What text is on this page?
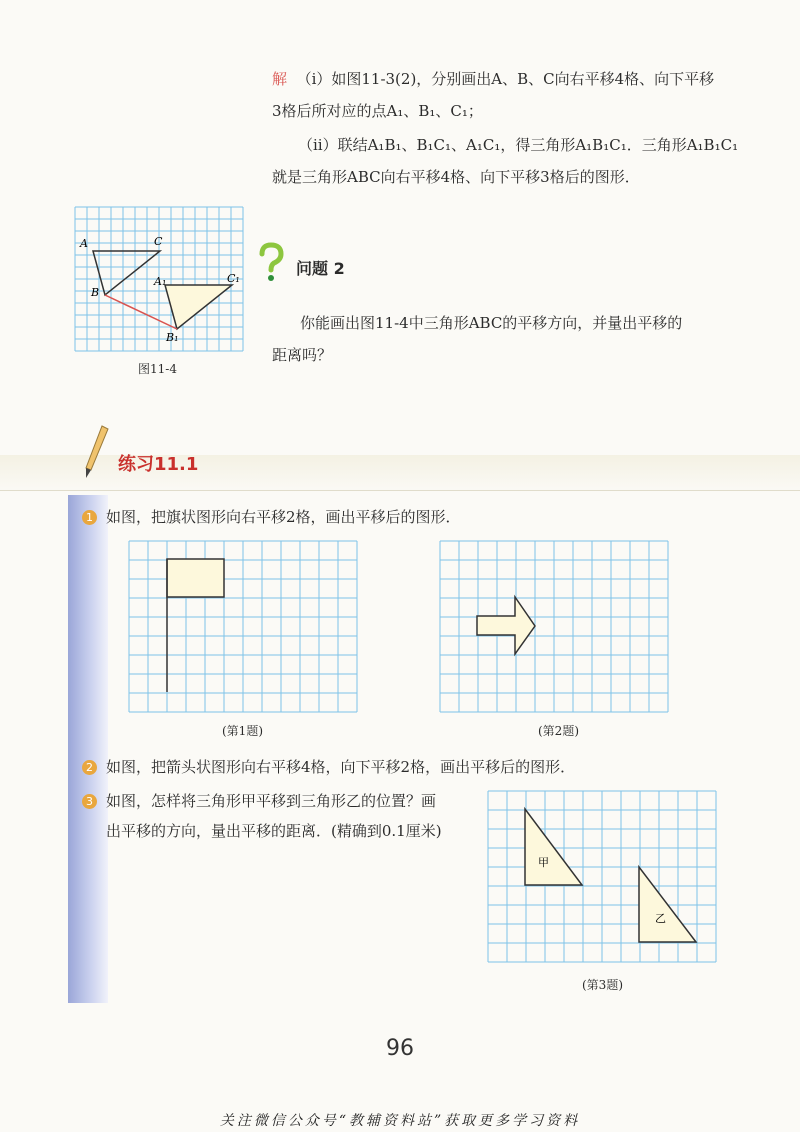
解 （ⅰ）如图11-3(2)，分别画出A、B、C向右平移4格、向下平移
3格后所对应的点A₁、B₁、C₁；
（ⅱ）联结A₁B₁、B₁C₁、A₁C₁，得三角形A₁B₁C₁．三角形A₁B₁C₁
就是三角形ABC向右平移4格、向下平移3格后的图形．
A	C
B
A₁	C₁
B₁
图11-4
问题 2
你能画出图11-4中三角形ABC的平移方向，并量出平移的
距离吗？
练习11.1
1 如图，把旗状图形向右平移2格，画出平移后的图形．
(第1题)	(第2题)
2 如图，把箭头状图形向右平移4格，向下平移2格，画出平移后的图形．
3 如图，怎样将三角形甲平移到三角形乙的位置？画
出平移的方向，量出平移的距离．(精确到0.1厘米)
甲
乙
(第3题)
96
关注微信公众号“教辅资料站”获取更多学习资料
